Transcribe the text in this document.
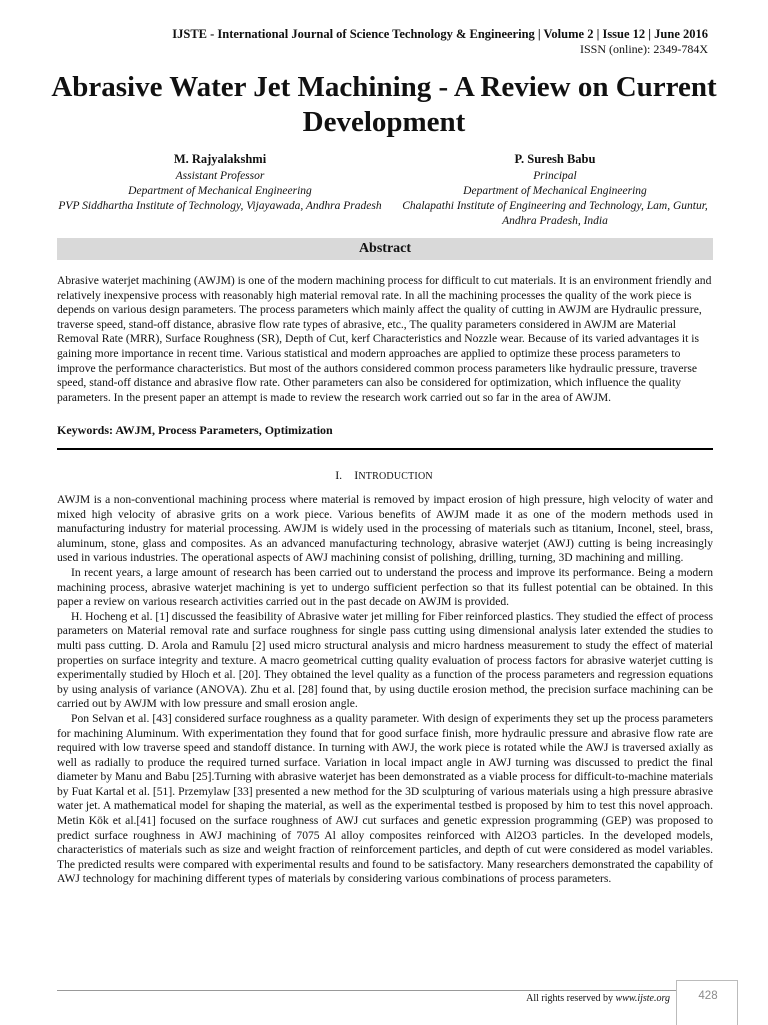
IJSTE - International Journal of Science Technology & Engineering | Volume 2 | Issue 12 | June 2016
ISSN (online): 2349-784X
Abrasive Water Jet Machining - A Review on Current Development
M. Rajyalakshmi
Assistant Professor
Department of Mechanical Engineering
PVP Siddhartha Institute of Technology, Vijayawada, Andhra Pradesh
P. Suresh Babu
Principal
Department of Mechanical Engineering
Chalapathi Institute of Engineering and Technology, Lam, Guntur, Andhra Pradesh, India
Abstract

Abrasive waterjet machining (AWJM) is one of the modern machining process for difficult to cut materials. It is an environment friendly and relatively inexpensive process with reasonably high material removal rate. In all the machining processes the quality of the work piece is depends on various design parameters. The process parameters which mainly affect the quality of cutting in AWJM are Hydraulic pressure, traverse speed, stand-off distance, abrasive flow rate types of abrasive, etc., The quality parameters considered in AWJM are Material Removal Rate (MRR), Surface Roughness (SR), Depth of Cut, kerf Characteristics and Nozzle wear. Because of its varied advantages it is gaining more importance in recent time. Various statistical and modern approaches are applied to optimize these process parameters to improve the performance characteristics. But most of the authors considered common process parameters like hydraulic pressure, traverse speed, stand-off distance and abrasive flow rate. Other parameters can also be considered for optimization, which influence the quality parameters. In the present paper an attempt is made to review the research work carried out so far in the area of AWJM.

Keywords: AWJM, Process Parameters, Optimization

I. INTRODUCTION

AWJM is a non-conventional machining process where material is removed by impact erosion of high pressure, high velocity of water and mixed high velocity of abrasive grits on a work piece. Various benefits of AWJM made it as one of the modern methods used in manufacturing industry for material processing. AWJM is widely used in the processing of materials such as titanium, Inconel, steel, brass, aluminum, stone, glass and composites. As an advanced manufacturing technology, abrasive waterjet (AWJ) cutting is being increasingly used in various industries. The operational aspects of AWJ machining consist of polishing, drilling, turning, 3D machining and milling.

In recent years, a large amount of research has been carried out to understand the process and improve its performance. Being a modern machining process, abrasive waterjet machining is yet to undergo sufficient perfection so that its fullest potential can be obtained. In this paper a review on various research activities carried out in the past decade on AWJM is provided.

H. Hocheng et al. [1] discussed the feasibility of Abrasive water jet milling for Fiber reinforced plastics. They studied the effect of process parameters on Material removal rate and surface roughness for single pass cutting using dimensional analysis later extended the studies to multi pass cutting. D. Arola and Ramulu [2] used micro structural analysis and micro hardness measurement to study the effect of material properties on surface integrity and texture. A macro geometrical cutting quality evaluation of process factors for abrasive waterjet cutting is experimentally studied by Hloch et al. [20]. They obtained the level quality as a function of the process parameters and regression equations by using analysis of variance (ANOVA). Zhu et al. [28] found that, by using ductile erosion method, the precision surface machining can be carried out by AWJM with low pressure and small erosion angle.

Pon Selvan et al. [43] considered surface roughness as a quality parameter. With design of experiments they set up the process parameters for machining Aluminum. With experimentation they found that for good surface finish, more hydraulic pressure and abrasive flow rate are required with low traverse speed and standoff distance. In turning with AWJ, the work piece is rotated while the AWJ is traversed axially as well as radially to produce the required turned surface. Variation in local impact angle in AWJ turning was discussed to predict the final diameter by Manu and Babu [25].Turning with abrasive waterjet has been demonstrated as a viable process for difficult-to-machine materials by Fuat Kartal et al. [51]. Przemylaw [33] presented a new method for the 3D sculpturing of various materials using a high pressure abrasive water jet. A mathematical model for shaping the material, as well as the experimental testbed is proposed by him to test this novel approach. Metin Kök et al.[41] focused on the surface roughness of AWJ cut surfaces and genetic expression programming (GEP) was proposed to predict surface roughness in AWJ machining of 7075 Al alloy composites reinforced with Al2O3 particles. In the developed models, characteristics of materials such as size and weight fraction of reinforcement particles, and depth of cut were considered as model variables. The predicted results were compared with experimental results and found to be satisfactory. Many researchers demonstrated the capability of AWJ technology for machining different types of materials by considering various combinations of process parameters.

All rights reserved by www.ijste.org	428
